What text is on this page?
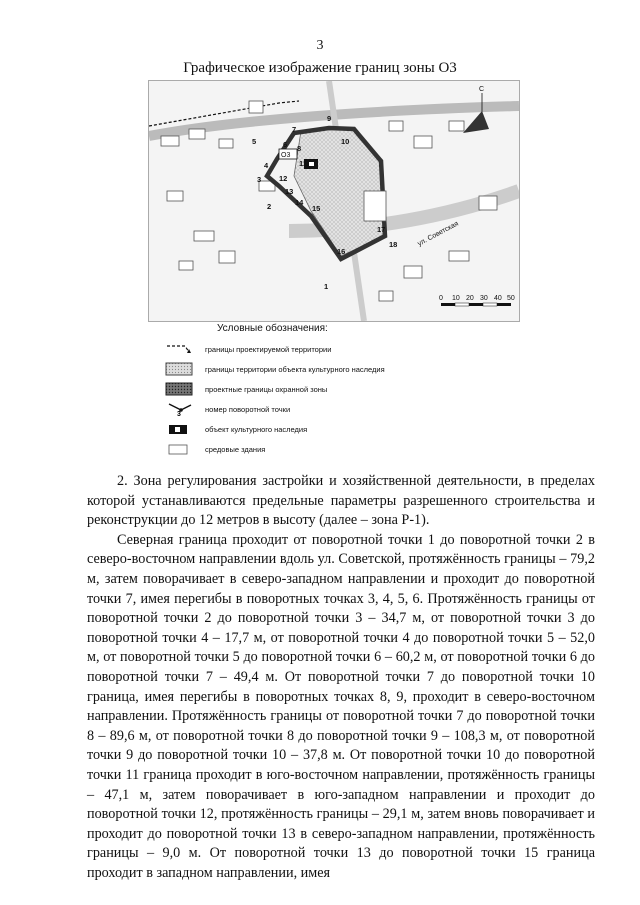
3
Графическое изображение границ зоны О3
О3
С
ул. Советская
0 10 20 30 40 50
1
2
3
4
5	6
7
8
9
10
11
12
13
14
15
16
17
18
Условные обозначения:
границы проектируемой территории
границы территории объекта культурного наследия
проектные границы охранной зоны
3
номер поворотной точки
объект культурного наследия
средовые здания

2. Зона регулирования застройки и хозяйственной деятельности, в пределах которой устанавливаются предельные параметры разрешенного строительства и реконструкции до 12 метров в высоту (далее – зона Р-1).

Северная граница проходит от поворотной точки 1 до поворотной точки 2 в северо-восточном направлении вдоль ул. Советской, протяжённость границы – 79,2 м, затем поворачивает в северо-западном направлении и проходит до поворотной точки 7, имея перегибы в поворотных точках 3, 4, 5, 6. Протяжённость границы от поворотной точки 2 до поворотной точки 3 – 34,7 м, от поворотной точки 3 до поворотной точки 4 – 17,7 м, от поворотной точки 4 до поворотной точки 5 – 52,0 м, от поворотной точки 5 до поворотной точки 6 – 60,2 м, от поворотной точки 6 до поворотной точки 7 – 49,4 м. От поворотной точки 7 до поворотной точки 10 граница, имея перегибы в поворотных точках 8, 9, проходит в северо-восточном направлении. Протяжённость границы от поворотной точки 7 до поворотной точки 8 – 89,6 м, от поворотной точки 8 до поворотной точки 9 – 108,3 м, от поворотной точки 9 до поворотной точки 10 – 37,8 м. От поворотной точки 10 до поворотной точки 11 граница проходит в юго-восточном направлении, протяжённость границы – 47,1 м, затем поворачивает в юго-западном направлении и проходит до поворотной точки 12, протяжённость границы – 29,1 м, затем вновь поворачивает и проходит до поворотной точки 13 в северо-западном направлении, протяжённость границы – 9,0 м. От поворотной точки 13 до поворотной точки 15 граница проходит в западном направлении, имея
